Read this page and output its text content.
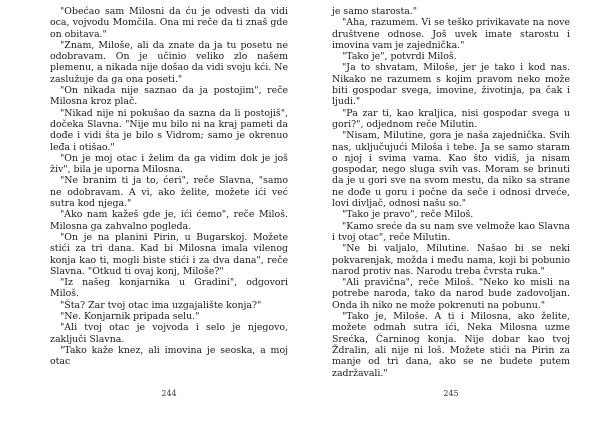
"Obećao sam Milosni da ću je odvesti da vidi oca, vojvodu Momčila. Ona mi reče da ti znaš gde on obitava."

"Znam, Miloše, ali da znate da ja tu posetu ne odobravam. On je učinio veliko zlo našem plemenu, a nikada nije došao da vidi svoju kći. Ne zaslužuje da ga ona poseti."

"On nikada nije saznao da ja postojim", reče Milosna kroz plač.

"Nikad nije ni pokušao da sazna da li postojiš", dočeka Slavna. "Nije mu bilo ni na kraj pameti da dođe i vidi šta je bilo s Vidrom; samo je okrenuo leđa i otišao."

"On je moj otac i želim da ga vidim dok je još živ", bila je uporna Milosna.

"Ne branim ti ja to, ćeri", reče Slavna, "samo ne odobravam. A vi, ako želite, možete ići već sutra kod njega."

"Ako nam kažeš gde je, ići ćemo", reče Miloš. Milosna ga zahvalno pogleda.

"On je na planini Pirin, u Bugarskoj. Možete stići za tri dana. Kad bi Milosna imala vilenog konja kao ti, mogli biste stići i za dva dana", reče Slavna. "Otkud ti ovaj konj, Miloše?"

"Iz našeg konjarnika u Gradini", odgovori Miloš.

"Šta? Zar tvoj otac ima uzgajalište konja?"

"Ne. Konjarnik pripada selu."

"Ali tvoj otac je vojvoda i selo je njegovo, zaključi Slavna.

"Tako kaže knez, ali imovina je seoska, a moj otac

244

je samo starosta."

"Aha, razumem. Vi se teško privikavate na nove društvene odnose. Još uvek imate starostu i imovina vam je zajednička."

"Tako je", potvrdi Miloš.

"Ja to shvatam, Miloše, jer je tako i kod nas. Nikako ne razumem s kojim pravom neko može biti gospodar svega, imovine, životinja, pa čak i ljudi."

"Pa zar ti, kao kraljica, nisi gospodar svega u gori?", odjednom reče Milutin.

"Nisam, Milutine, gora je naša zajednička. Svih nas, uključujući Miloša i tebe. Ja se samo staram o njoj i svima vama. Kao što vidiš, ja nisam gospodar, nego sluga svih vas. Moram se brinuti da je u gori sve na svom mestu, da niko sa strane ne dođe u goru i počne da seče i odnosi drveće, lovi divljač, odnosi našu so."

"Tako je pravo", reče Miloš.

"Kamo sreće da su nam sve velmože kao Slavna i tvoj otac", reče Milutin.

"Ne bi valjalo, Milutine. Našao bi se neki pokvarenjak, možda i među nama, koji bi pobunio narod protiv nas. Narodu treba čvrsta ruka."

"Ali pravična", reče Miloš. "Neko ko misli na potrebe naroda, tako da narod bude zadovoljan. Onda ih niko ne može pokrenuti na pobunu."

"Tako je, Miloše. A ti i Milosna, ako želite, možete odmah sutra ići, Neka Milosna uzme Srećka, Čarninog konja. Nije dobar kao tvoj Ždralin, ali nije ni loš. Možete stići na Pirin za manje od tri dana, ako se ne budete putem zadržavali."

245
